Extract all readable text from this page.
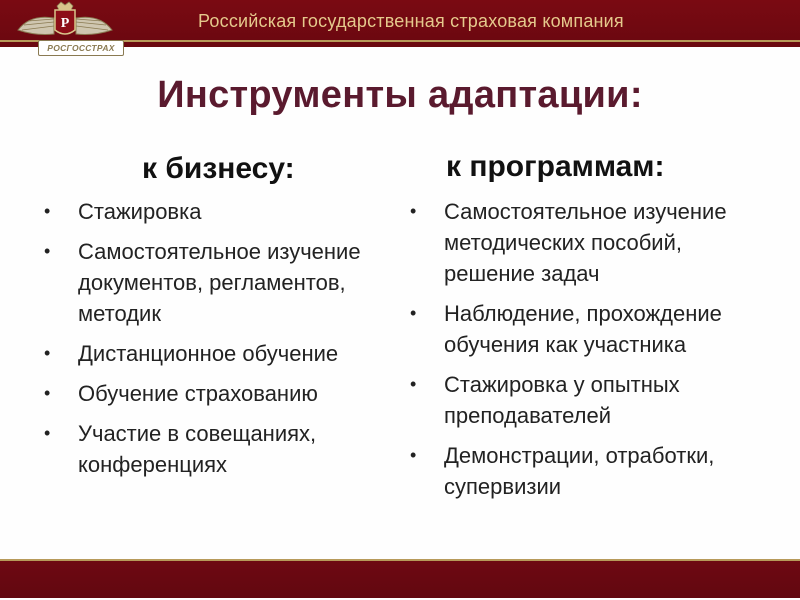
Российская государственная страховая компания
Р
РОСГОССТРАХ
Инструменты адаптации:
к бизнесу:	к программам:
• Стажировка
• Самостоятельное изучение документов, регламентов, методик
• Дистанционное обучение
• Обучение страхованию
• Участие в совещаниях, конференциях
• Самостоятельное изучение методических пособий, решение задач
• Наблюдение, прохождение обучения как участника
• Стажировка у опытных преподавателей
• Демонстрации, отработки, супервизии
